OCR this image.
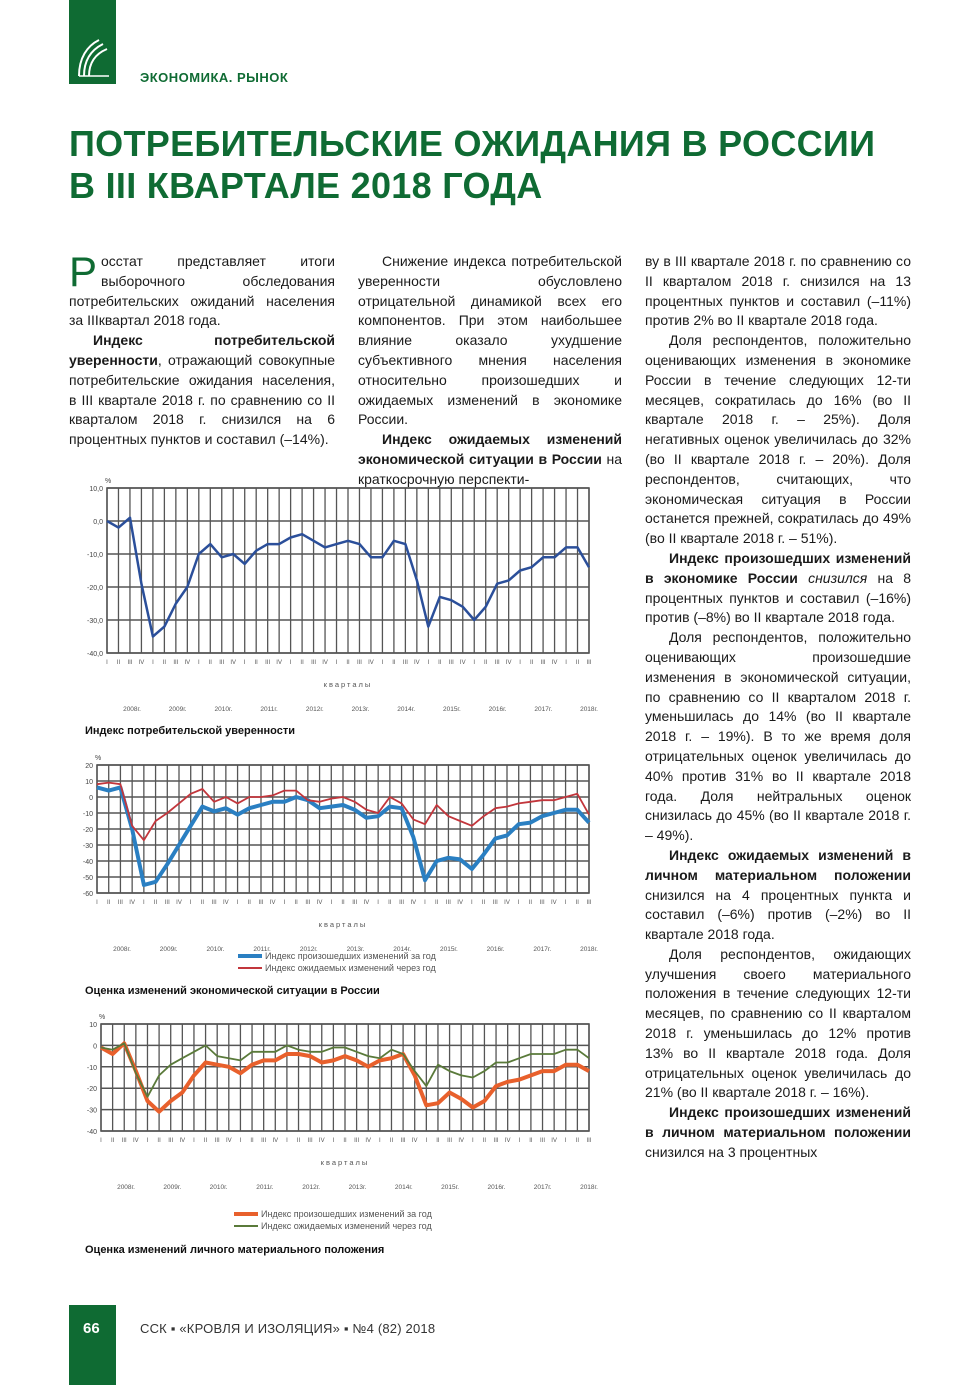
ЭКОНОМИКА. РЫНОК
ПОТРЕБИТЕЛЬСКИЕ ОЖИДАНИЯ В РОССИИ
В III КВАРТАЛЕ 2018 ГОДА

Росстат представляет итоги выборочного обследования потребительских ожиданий населения за IIIквартал 2018 года.

Индекс потребительской уверенности, отражающий совокупные потребительские ожидания населения, в III квартале 2018 г. по сравнению со II кварталом 2018 г. снизился на 6 процентных пунктов и составил (–14%).

Снижение индекса потребительской уверенности обусловлено отрицательной динамикой всех его компонентов. При этом наибольшее влияние оказало ухудшение субъективного мнения населения относительно произошедших и ожидаемых изменений в экономике России.

Индекс ожидаемых изменений экономической ситуации в России на краткосрочную перспекти-

ву в III квартале 2018 г. по сравнению со II кварталом 2018 г. снизился на 13 процентных пунктов и составил (–11%) против 2% во II квартале 2018 года.

Доля респондентов, положительно оценивающих изменения в экономике России в течение следующих 12-ти месяцев, сократилась до 16% (во II квартале 2018 г. – 25%). Доля негативных оценок увеличилась до 32% (во II квартале 2018 г. – 20%). Доля респондентов, считающих, что экономическая ситуация в России останется прежней, сократилась до 49% (во II квартале 2018 г. – 51%).

Индекс произошедших изменений в экономике России снизился на 8 процентных пунктов и составил (–16%) против (–8%) во II квартале 2018 года.

Доля респондентов, положительно оценивающих произошедшие изменения в экономической ситуации, по сравнению со II кварталом 2018 г. уменьшилась до 14% (во II квартале 2018 г. – 19%). В то же время доля отрицательных оценок увеличилась до 40% против 31% во II квартале 2018 года. Доля нейтральных оценок снизилась до 45% (во II квартале 2018 г. – 49%).

Индекс ожидаемых изменений в личном материальном положении снизился на 4 процентных пункта и составил (–6%) против (–2%) во II квартале 2018 года.

Доля респондентов, ожидающих улучшения своего материального положения в течение следующих 12-ти месяцев, по сравнению со II кварталом 2018 г. уменьшилась до 12% против 13% во II квартале 2018 года. Доля отрицательных оценок увеличилась до 21% (во II квартале 2018 г. – 16%).

Индекс произошедших изменений в личном материальном положении снизился на 3 процентных

10,0
0,0
-10,0
-20,0
-30,0
-40,0
%
I II III IV I II III IV I II III IV I II III IV I II III IV I II III IV I II III IV I II III IV I II III IV I II III IV I II III
кварталы
2008г.	2009г.	2010г.	2011г.	2012г.	2013г.	2014г.	2015г.	2016г.	2017г.	2018г.
Индекс потребительской уверенности
20
10
0
-10
-20
-30
-40
-50
-60
%
I II III IV I II III IV I II III IV I II III IV I II III IV I II III IV I II III IV I II III IV I II III IV I II III IV I II III
кварталы
2008г.	2009г.	2010г.	2011г.	2012г.	2013г.	2014г.	2015г.	2016г.	2017г.	2018г.
Индекс произошедших изменений за год
Индекс ожидаемых изменений через год
Оценка изменений экономической ситуации в России
10
0
-10
-20
-30
-40
%
I II III IV I II III IV I II III IV I II III IV I II III IV I II III IV I II III IV I II III IV I II III IV I II III IV I II III
кварталы
2008г.	2009г.	2010г.	2011г.	2012г.	2013г.	2014г.	2015г.	2016г.	2017г.	2018г.
Индекс произошедших изменений за год
Индекс ожидаемых изменений через год
Оценка изменений личного материального положения
66	ССК ▪ «КРОВЛЯ И ИЗОЛЯЦИЯ» ▪ №4 (82) 2018
